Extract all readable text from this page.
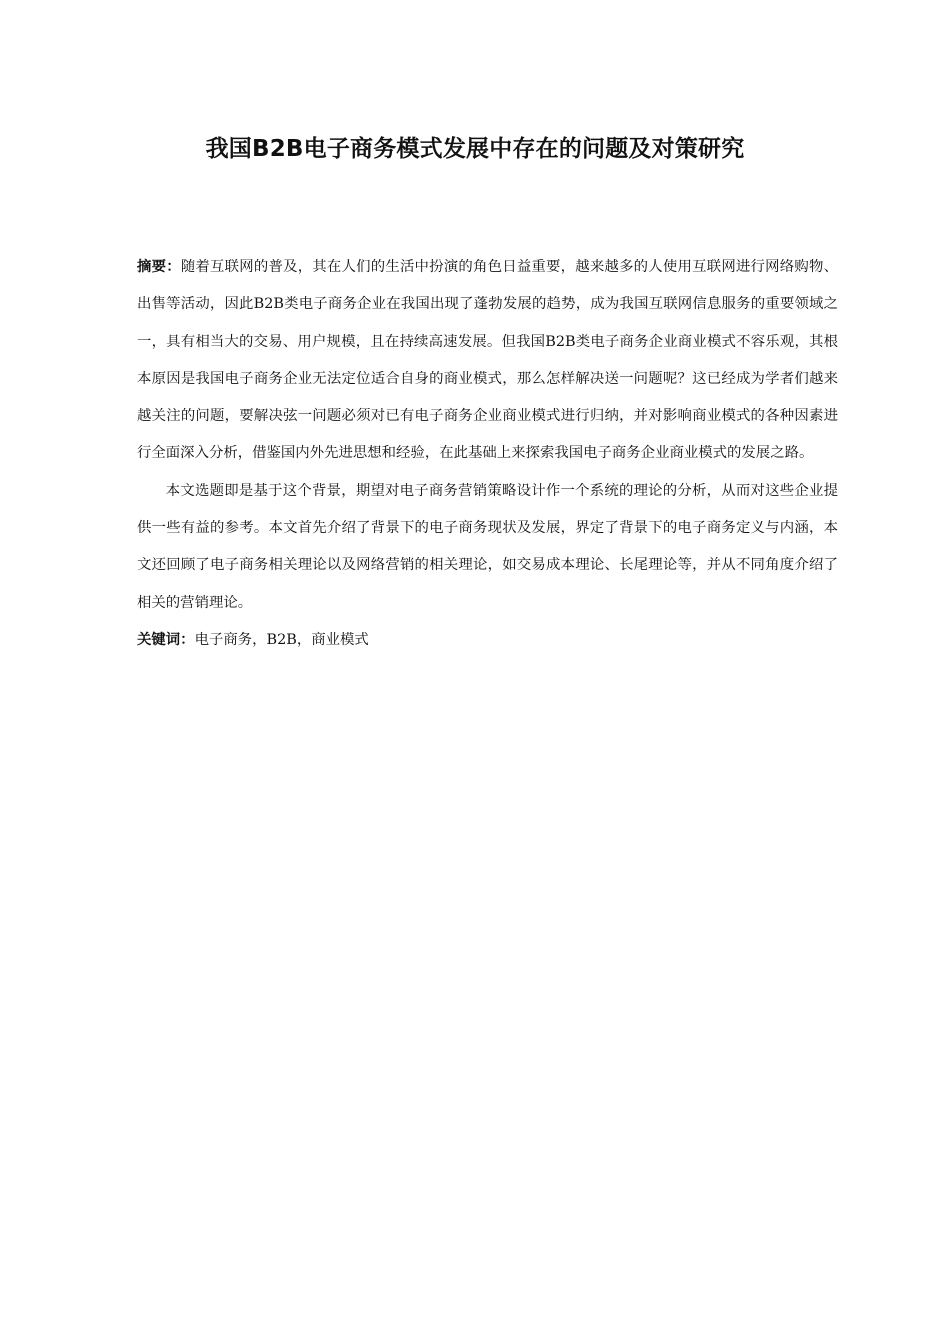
我国B2B电子商务模式发展中存在的问题及对策研究

摘要：随着互联网的普及，其在人们的生活中扮演的角色日益重要，越来越多的人使用互联网进行网络购物、出售等活动，因此B2B类电子商务企业在我国出现了蓬勃发展的趋势，成为我国互联网信息服务的重要领域之一，具有相当大的交易、用户规模，且在持续高速发展。但我国B2B类电子商务企业商业模式不容乐观，其根本原因是我国电子商务企业无法定位适合自身的商业模式，那么怎样解决送一问题呢？这已经成为学者们越来越关注的问题，要解决弦一问题必须对已有电子商务企业商业模式进行归纳，并对影响商业模式的各种因素进行全面深入分析，借鉴国内外先进思想和经验，在此基础上来探索我国电子商务企业商业模式的发展之路。

本文选题即是基于这个背景，期望对电子商务营销策略设计作一个系统的理论的分析，从而对这些企业提供一些有益的参考。本文首先介绍了背景下的电子商务现状及发展，界定了背景下的电子商务定义与内涵，本文还回顾了电子商务相关理论以及网络营销的相关理论，如交易成本理论、长尾理论等，并从不同角度介绍了相关的营销理论。

关键词：电子商务，B2B，商业模式
